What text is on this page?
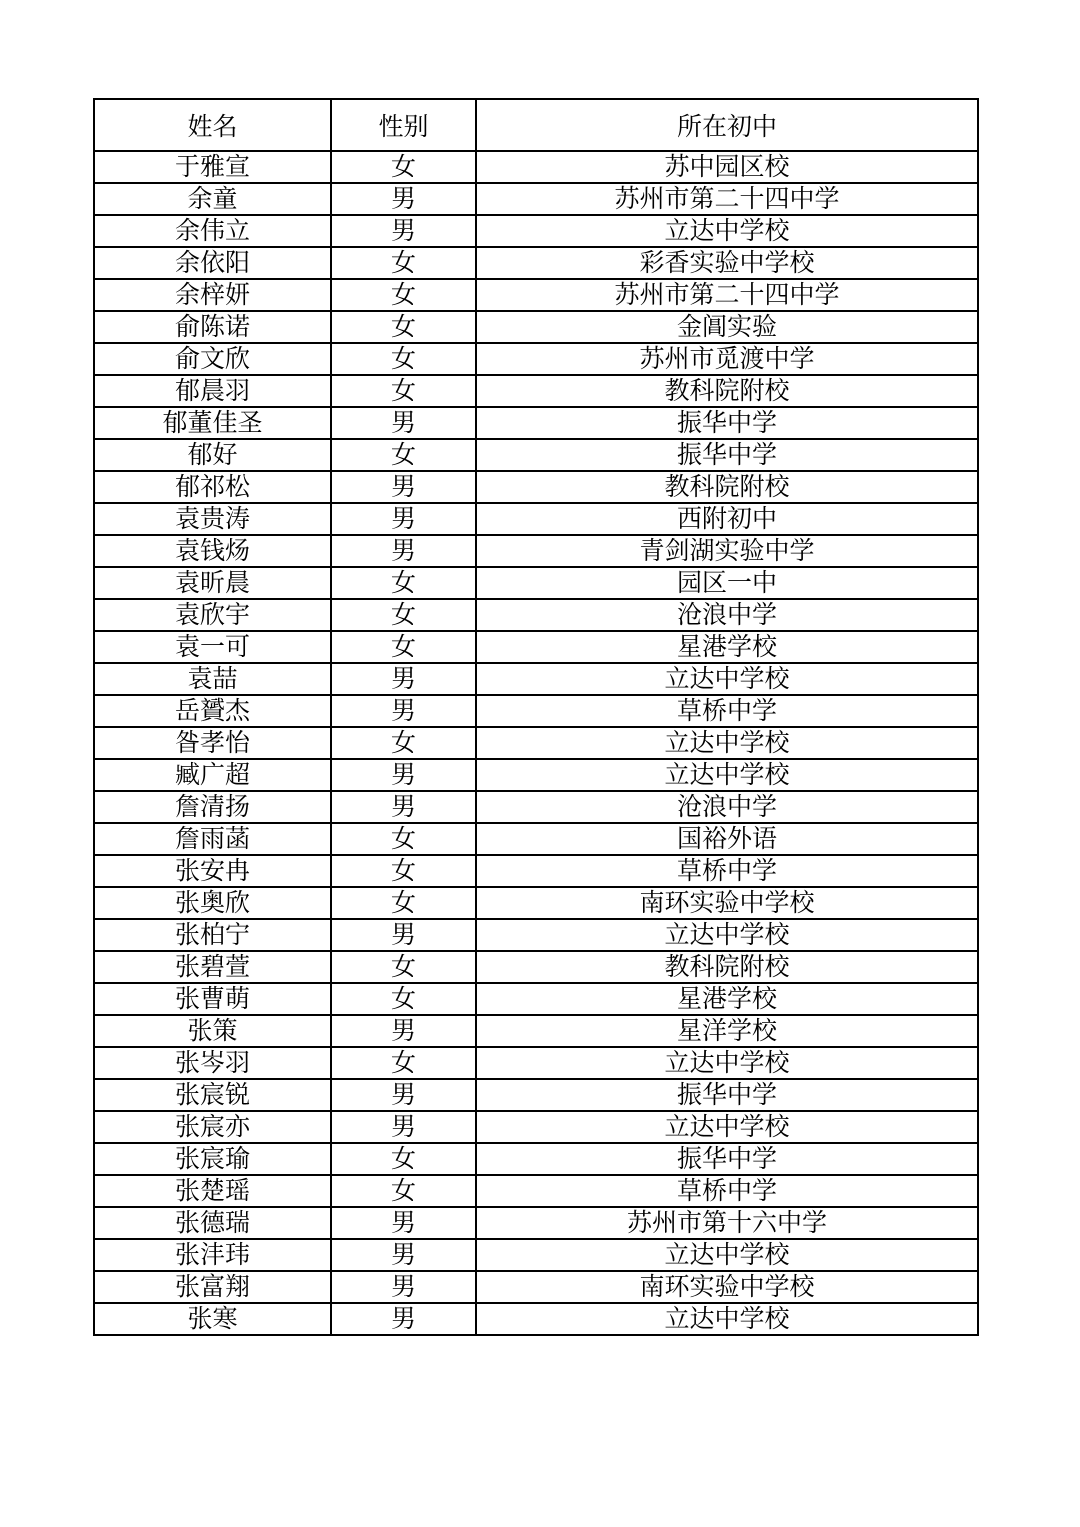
姓名	性别	所在初中
于雅宣	女	苏中园区校
余童	男	苏州市第二十四中学
余伟立	男	立达中学校
余依阳	女	彩香实验中学校
余梓妍	女	苏州市第二十四中学
俞陈诺	女	金阊实验
俞文欣	女	苏州市觅渡中学
郁晨羽	女	教科院附校
郁董佳圣	男	振华中学
郁好	女	振华中学
郁祁松	男	教科院附校
袁贵涛	男	西附初中
袁钱炀	男	青剑湖实验中学
袁昕晨	女	园区一中
袁欣宇	女	沧浪中学
袁一可	女	星港学校
袁喆	男	立达中学校
岳贇杰	男	草桥中学
昝孝怡	女	立达中学校
臧广超	男	立达中学校
詹清扬	男	沧浪中学
詹雨菡	女	国裕外语
张安冉	女	草桥中学
张奥欣	女	南环实验中学校
张柏宁	男	立达中学校
张碧萱	女	教科院附校
张曹萌	女	星港学校
张策	男	星洋学校
张岑羽	女	立达中学校
张宸锐	男	振华中学
张宸亦	男	立达中学校
张宸瑜	女	振华中学
张楚瑶	女	草桥中学
张德瑞	男	苏州市第十六中学
张沣玮	男	立达中学校
张富翔	男	南环实验中学校
张寒	男	立达中学校
